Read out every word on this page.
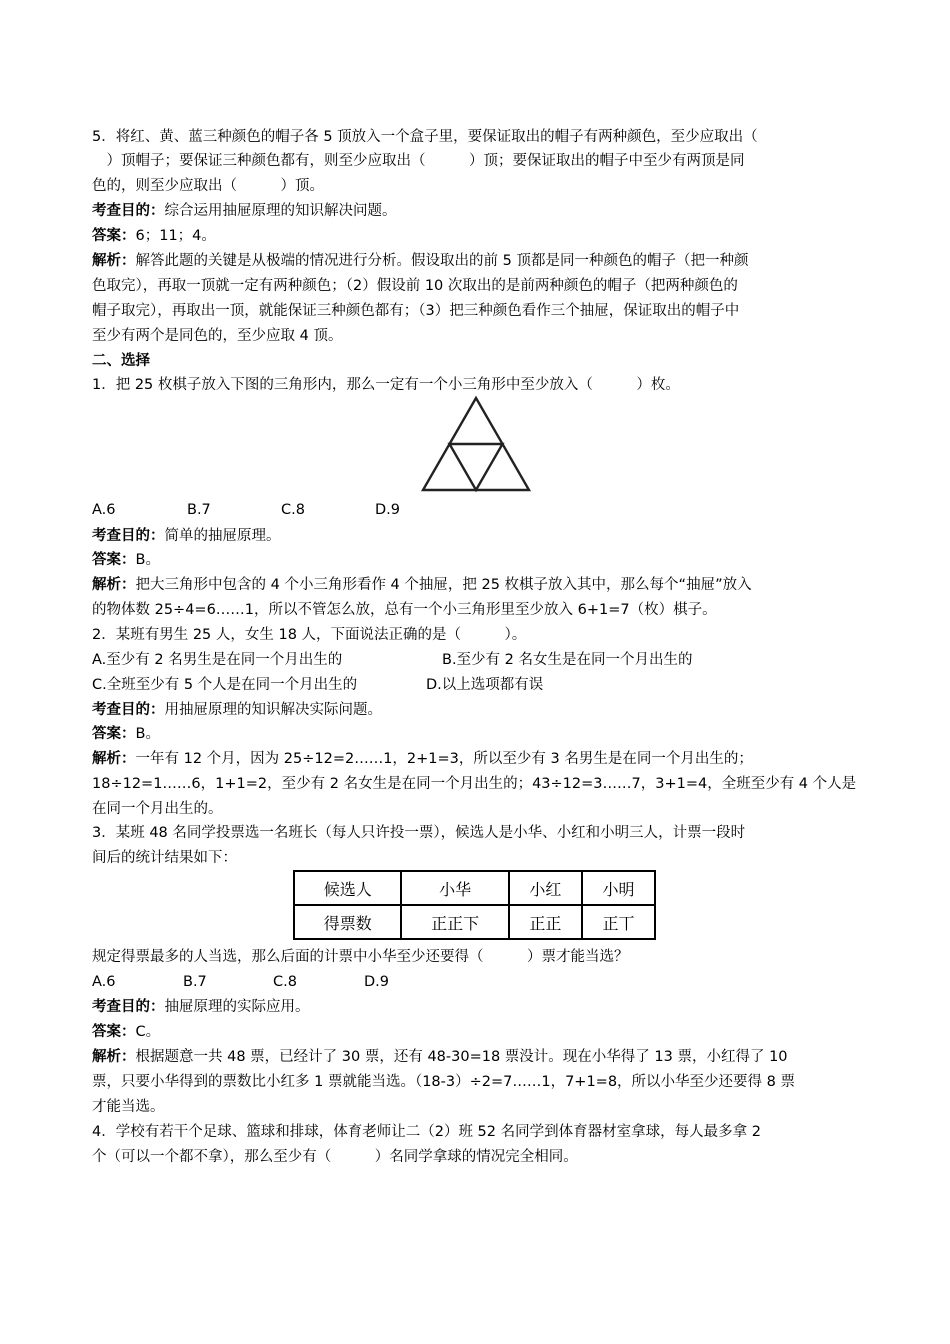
5．将红、黄、蓝三种颜色的帽子各 5 顶放入一个盒子里，要保证取出的帽子有两种颜色，至少应取出（
　）顶帽子；要保证三种颜色都有，则至少应取出（　　　）顶；要保证取出的帽子中至少有两顶是同
色的，则至少应取出（　　　）顶。
考查目的：综合运用抽屉原理的知识解决问题。
答案：6；11；4。
解析：解答此题的关键是从极端的情况进行分析。假设取出的前 5 顶都是同一种颜色的帽子（把一种颜
色取完），再取一顶就一定有两种颜色；（2）假设前 10 次取出的是前两种颜色的帽子（把两种颜色的
帽子取完），再取出一顶，就能保证三种颜色都有；（3）把三种颜色看作三个抽屉，保证取出的帽子中
至少有两个是同色的，至少应取 4 顶。
二、选择
1．把 25 枚棋子放入下图的三角形内，那么一定有一个小三角形中至少放入（　　　）枚。
A.6	B.7	C.8	D.9
考查目的：简单的抽屉原理。
答案：B。
解析：把大三角形中包含的 4 个小三角形看作 4 个抽屉，把 25 枚棋子放入其中，那么每个“抽屉”放入
的物体数 25÷4=6……1，所以不管怎么放，总有一个小三角形里至少放入 6+1=7（枚）棋子。
2．某班有男生 25 人，女生 18 人，下面说法正确的是（　　　）。
A.至少有 2 名男生是在同一个月出生的	B.至少有 2 名女生是在同一个月出生的
C.全班至少有 5 个人是在同一个月出生的	D.以上选项都有误
考查目的：用抽屉原理的知识解决实际问题。
答案：B。
解析：一年有 12 个月，因为 25÷12=2……1，2+1=3，所以至少有 3 名男生是在同一个月出生的；
18÷12=1……6，1+1=2，至少有 2 名女生是在同一个月出生的；43÷12=3……7，3+1=4，全班至少有 4 个人是
在同一个月出生的。
3．某班 48 名同学投票选一名班长（每人只许投一票），候选人是小华、小红和小明三人，计票一段时
间后的统计结果如下：
候选人	小华	小红	小明
得票数	正正下	正正	正丅
规定得票最多的人当选，那么后面的计票中小华至少还要得（　　　）票才能当选？
A.6	B.7	C.8	D.9
考查目的：抽屉原理的实际应用。
答案：C。
解析：根据题意一共 48 票，已经计了 30 票，还有 48-30=18 票没计。现在小华得了 13 票，小红得了 10
票，只要小华得到的票数比小红多 1 票就能当选。（18-3）÷2=7……1，7+1=8，所以小华至少还要得 8 票
才能当选。
4．学校有若干个足球、篮球和排球，体育老师让二（2）班 52 名同学到体育器材室拿球，每人最多拿 2
个（可以一个都不拿），那么至少有（　　　）名同学拿球的情况完全相同。
